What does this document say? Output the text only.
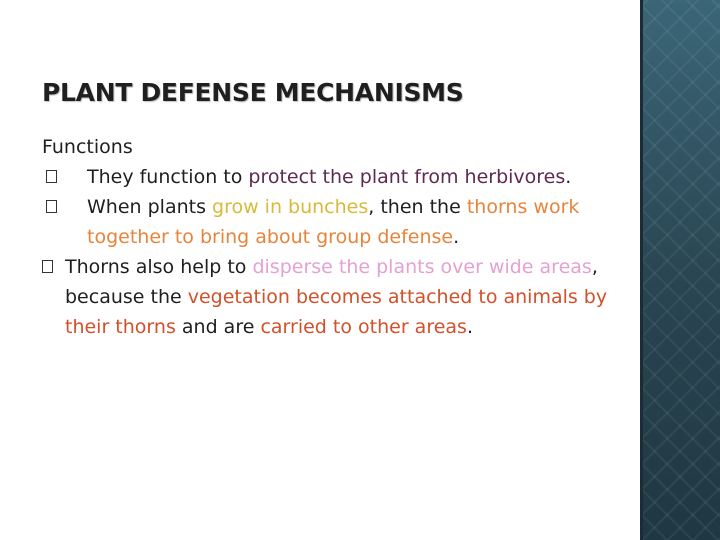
PLANT DEFENSE MECHANISMS

Functions

They function to protect the plant from herbivores.

When plants grow in bunches, then the thorns work together to bring about group defense.

Thorns also help to disperse the plants over wide areas, because the vegetation becomes attached to animals by their thorns and are carried to other areas.
